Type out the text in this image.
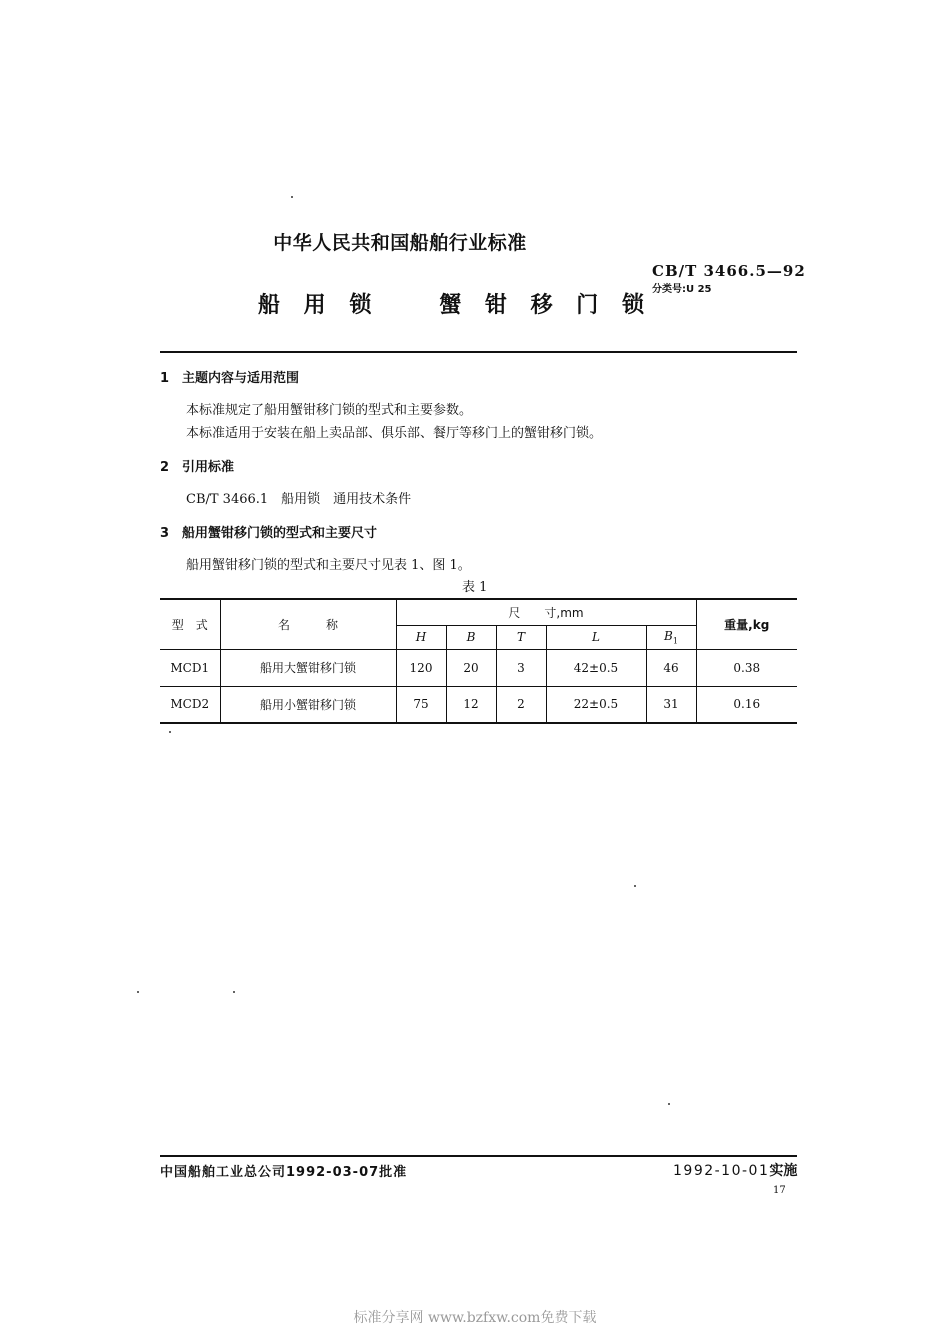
中华人民共和国船舶行业标准
CB/T 3466.5—92
分类号:U 25
船 用 锁　　蟹 钳 移 门 锁
1 主题内容与适用范围
本标准规定了船用蟹钳移门锁的型式和主要参数。
本标准适用于安装在船上卖品部、俱乐部、餐厅等移门上的蟹钳移门锁。
2 引用标准
CB/T 3466.1　船用锁　通用技术条件
3 船用蟹钳移门锁的型式和主要尺寸
船用蟹钳移门锁的型式和主要尺寸见表 1、图 1。
表 1
型　式	名　　　称	尺　　寸,mm					重量,kg
		H	B	T	L	$B_1$
MCD1	船用大蟹钳移门锁	120	20	3	42±0.5	46	0.38
MCD2	船用小蟹钳移门锁	75	12	2	22±0.5	31	0.16
中国船舶工业总公司1992-03-07批准	1992-10-01实施
17
标准分享网 www.bzfxw.com免费下载
